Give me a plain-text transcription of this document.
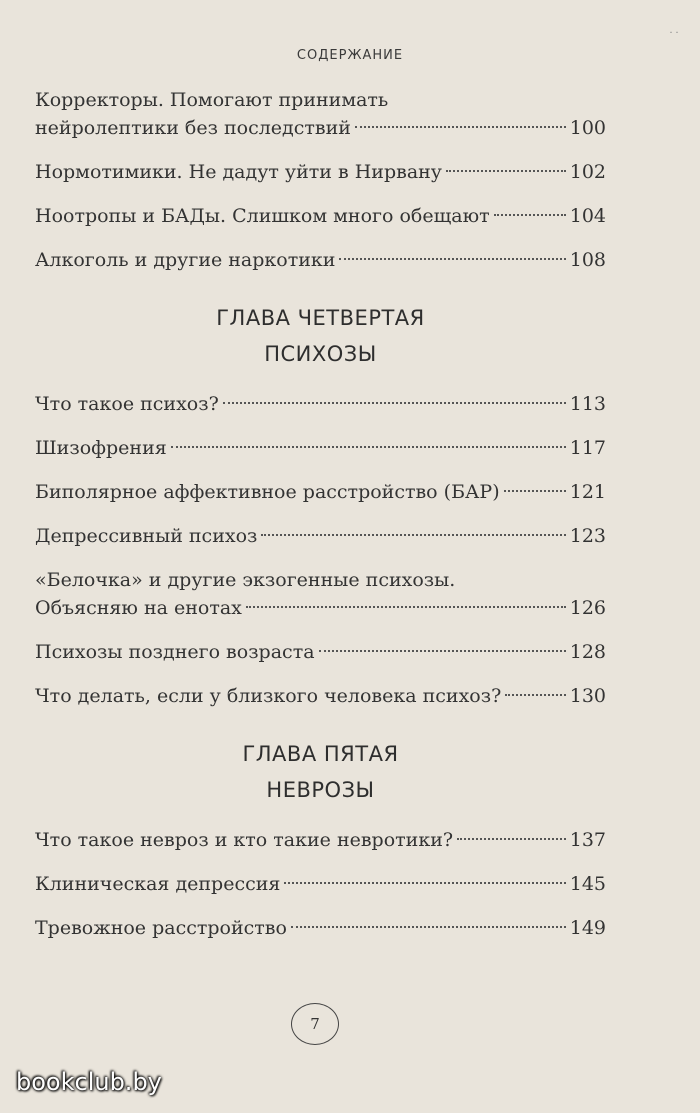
˙˙
СОДЕРЖАНИЕ
Корректоры. Помогают принимать
нейролептики без последствий	100
Нормотимики. Не дадут уйти в Нирвану	102
Ноотропы и БАДы. Слишком много обещают	104
Алкоголь и другие наркотики	108
ГЛАВА ЧЕТВЕРТАЯ
ПСИХОЗЫ
Что такое психоз?	113
Шизофрения	117
Биполярное аффективное расстройство (БАР)	121
Депрессивный психоз	123
«Белочка» и другие экзогенные психозы.
Объясняю на енотах	126
Психозы позднего возраста	128
Что делать, если у близкого человека психоз?	130
ГЛАВА ПЯТАЯ
НЕВРОЗЫ
Что такое невроз и кто такие невротики?	137
Клиническая депрессия	145
Тревожное расстройство	149
7
bookclub.by
